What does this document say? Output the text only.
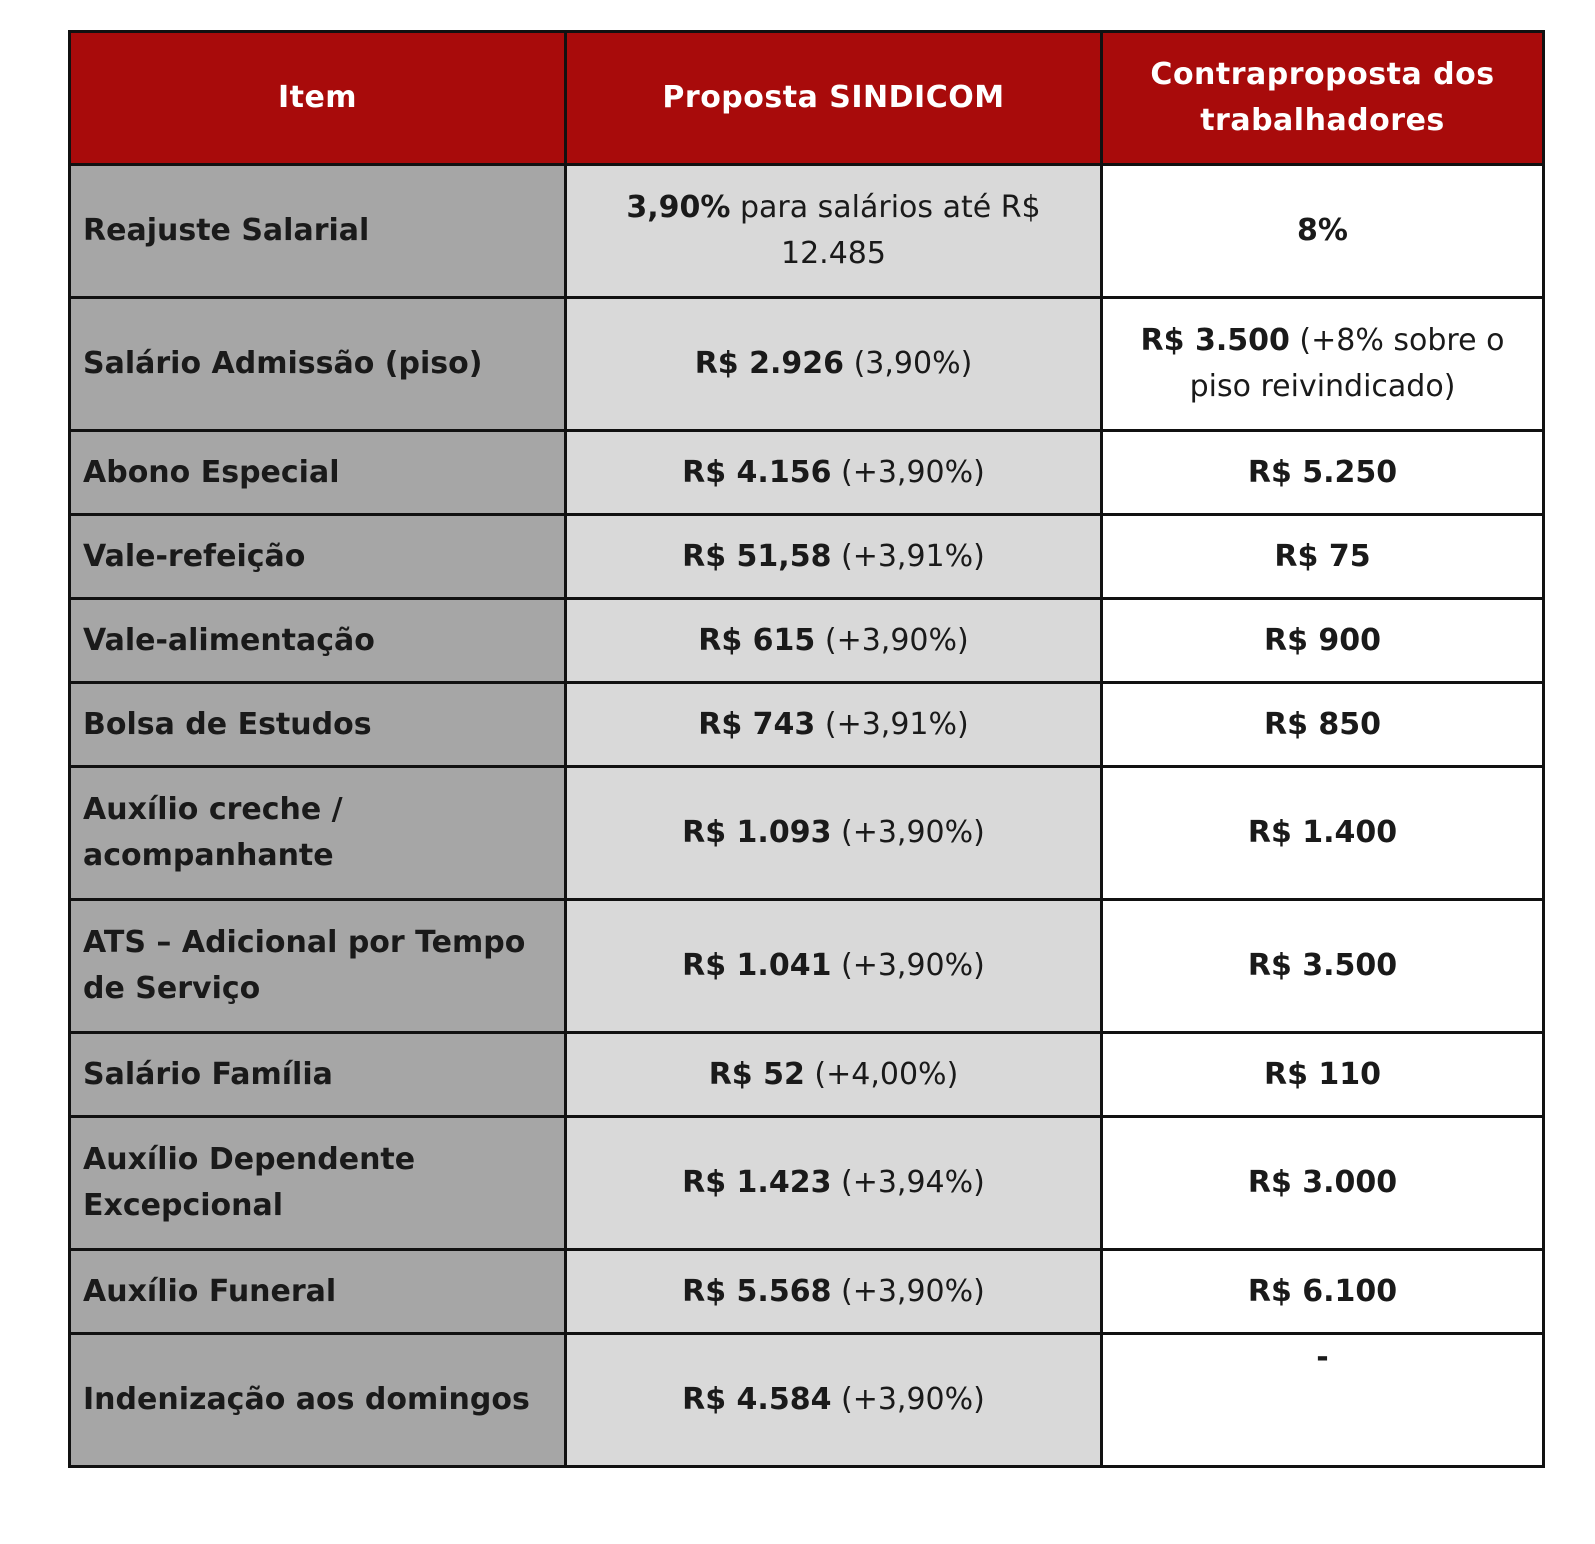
Item	Proposta SINDICOM	Contraproposta dos trabalhadores
Reajuste Salarial	3,90% para salários até R$ 12.485	8%
Salário Admissão (piso)	R$ 2.926 (3,90%)	R$ 3.500 (+8% sobre o piso reivindicado)
Abono Especial	R$ 4.156 (+3,90%)	R$ 5.250
Vale-refeição	R$ 51,58 (+3,91%)	R$ 75
Vale-alimentação	R$ 615 (+3,90%)	R$ 900
Bolsa de Estudos	R$ 743 (+3,91%)	R$ 850
Auxílio creche / acompanhante	R$ 1.093 (+3,90%)	R$ 1.400
ATS – Adicional por Tempo de Serviço	R$ 1.041 (+3,90%)	R$ 3.500
Salário Família	R$ 52 (+4,00%)	R$ 110
Auxílio Dependente Excepcional	R$ 1.423 (+3,94%)	R$ 3.000
Auxílio Funeral	R$ 5.568 (+3,90%)	R$ 6.100
Indenização aos domingos	R$ 4.584 (+3,90%)	-
